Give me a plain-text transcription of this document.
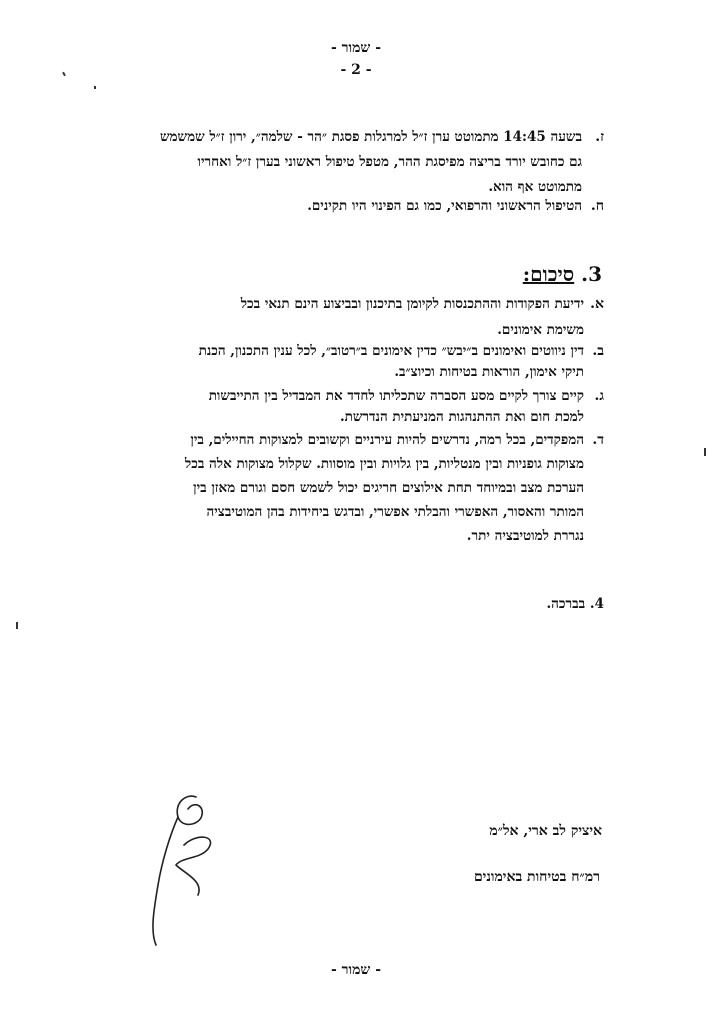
- שמור -
- 2 -
ז.
בשעה 14:45 מתמוטט ערן ז״ל למרגלות פסגת ״הר - שלמה״, ירון ז״ל שמשמש
גם כחובש יורד בריצה מפיסגת ההר, מטפל טיפול ראשוני בערן ז״ל ואחריו
מתמוטט אף הוא.
ח.
הטיפול הראשוני והרפואי, כמו גם הפינוי היו תקינים.
3. סיכום:
א.
ידיעת הפקודות וההתכנסות לקיומן בתיכנון ובביצוע הינם תנאי בכל
משימת אימונים.
ב.
דין ניווטים ואימונים ב״יבש״ כדין אימונים ב״רטוב״, לכל ענין התכנון, הכנת
תיקי אימון, הוראות בטיחות וכיוצ״ב.
ג.
קיים צורך לקיים מסע הסברה שתכליתו לחדד את המבדיל בין התייבשות
למכת חום ואת ההתנהגות המניעתית הנדרשת.
ד.
המפקדים, בכל רמה, נדרשים להיות עירניים וקשובים למצוקות החיילים, בין
מצוקות גופניות ובין מנטליות, בין גלויות ובין מוסוות. שקלול מצוקות אלה בכל
הערכת מצב ובמיוחד תחת אילוצים חריגים יכול לשמש חסם וגורם מאזן בין
המותר והאסור, האפשרי והבלתי אפשרי, ובדגש ביחידות בהן המוטיבציה
נגררת למוטיבציה יתר.
4. בברכה.
איציק לב ארי, אל״מ
רמ״ח בטיחות באימונים
- שמור -
